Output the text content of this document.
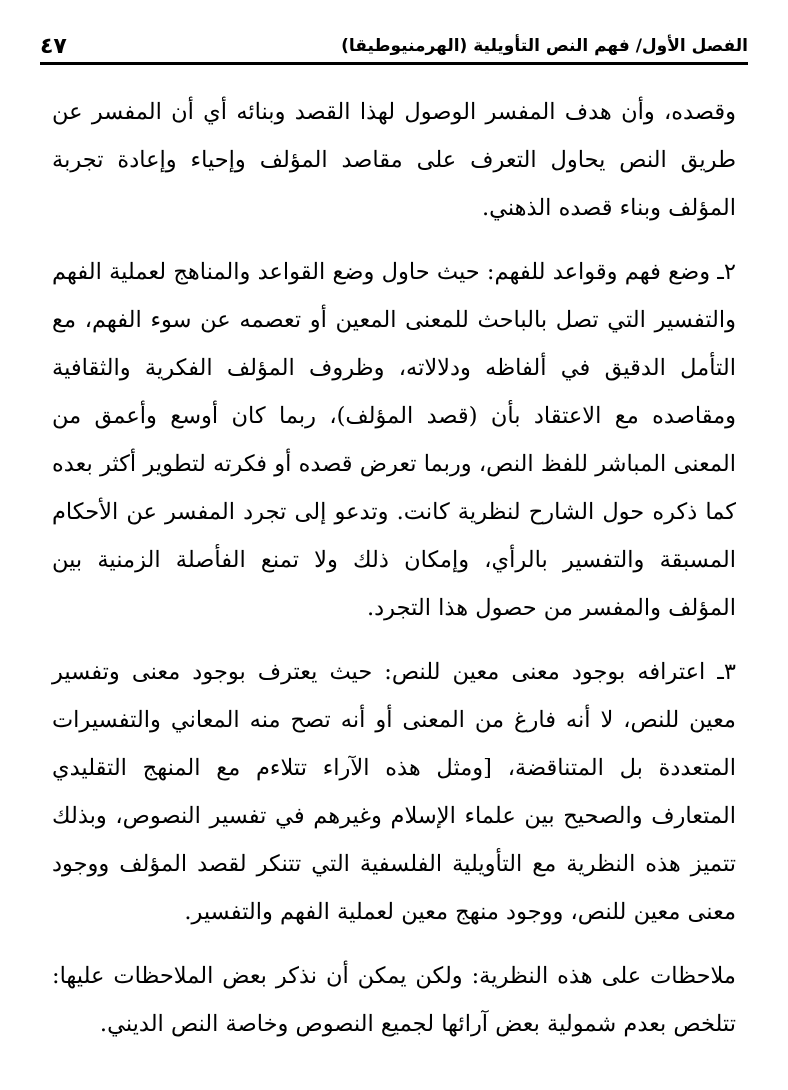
الفصل الأول/ فهم النص التأويلية (الهرمنيوطيقا)
٤٧

وقصده، وأن هدف المفسر الوصول لهذا القصد وبنائه أي أن المفسر عن طريق النص يحاول التعرف على مقاصد المؤلف وإحياء وإعادة تجربة المؤلف وبناء قصده الذهني.

٢ـ وضع فهم وقواعد للفهم: حيث حاول وضع القواعد والمناهج لعملية الفهم والتفسير التي تصل بالباحث للمعنى المعين أو تعصمه عن سوء الفهم، مع التأمل الدقيق في ألفاظه ودلالاته، وظروف المؤلف الفكرية والثقافية ومقاصده مع الاعتقاد بأن (قصد المؤلف)، ربما كان أوسع وأعمق من المعنى المباشر للفظ النص، وربما تعرض قصده أو فكرته لتطوير أكثر بعده كما ذكره حول الشارح لنظرية كانت. وتدعو إلى تجرد المفسر عن الأحكام المسبقة والتفسير بالرأي، وإمكان ذلك ولا تمنع الفأصلة الزمنية بين المؤلف والمفسر من حصول هذا التجرد.

٣ـ اعترافه بوجود معنى معين للنص: حيث يعترف بوجود معنى وتفسير معين للنص، لا أنه فارغ من المعنى أو أنه تصح منه المعاني والتفسيرات المتعددة بل المتناقضة، [ومثل هذه الآراء تتلاءم مع المنهج التقليدي المتعارف والصحيح بين علماء الإسلام وغيرهم في تفسير النصوص، وبذلك تتميز هذه النظرية مع التأويلية الفلسفية التي تتنكر لقصد المؤلف ووجود معنى معين للنص، ووجود منهج معين لعملية الفهم والتفسير.

ملاحظات على هذه النظرية: ولكن يمكن أن نذكر بعض الملاحظات عليها: تتلخص بعدم شمولية بعض آرائها لجميع النصوص وخاصة النص الديني.
